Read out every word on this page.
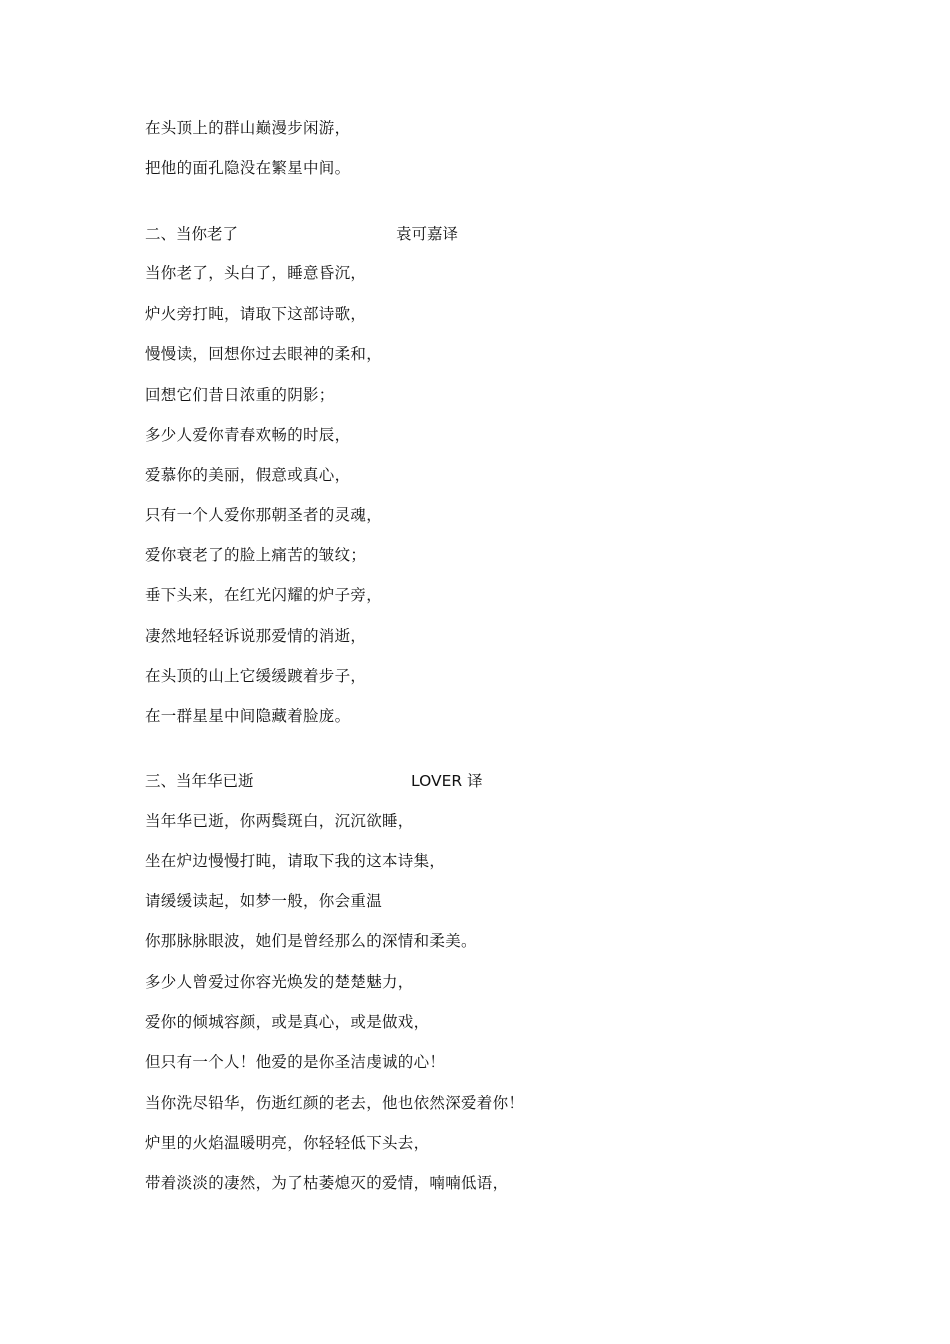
在头顶上的群山巅漫步闲游，
把他的面孔隐没在繁星中间。
二、当你老了	袁可嘉译
当你老了，头白了，睡意昏沉，
炉火旁打盹，请取下这部诗歌，
慢慢读，回想你过去眼神的柔和，
回想它们昔日浓重的阴影；
多少人爱你青春欢畅的时辰，
爱慕你的美丽，假意或真心，
只有一个人爱你那朝圣者的灵魂，
爱你衰老了的脸上痛苦的皱纹；
垂下头来，在红光闪耀的炉子旁，
凄然地轻轻诉说那爱情的消逝，
在头顶的山上它缓缓踱着步子，
在一群星星中间隐藏着脸庞。
三、当年华已逝	LOVER 译
当年华已逝，你两鬓斑白，沉沉欲睡，
坐在炉边慢慢打盹，请取下我的这本诗集，
请缓缓读起，如梦一般，你会重温
你那脉脉眼波，她们是曾经那么的深情和柔美。
多少人曾爱过你容光焕发的楚楚魅力，
爱你的倾城容颜，或是真心，或是做戏，
但只有一个人！他爱的是你圣洁虔诚的心！
当你洗尽铅华，伤逝红颜的老去，他也依然深爱着你！
炉里的火焰温暖明亮，你轻轻低下头去，
带着淡淡的凄然，为了枯萎熄灭的爱情，喃喃低语，
